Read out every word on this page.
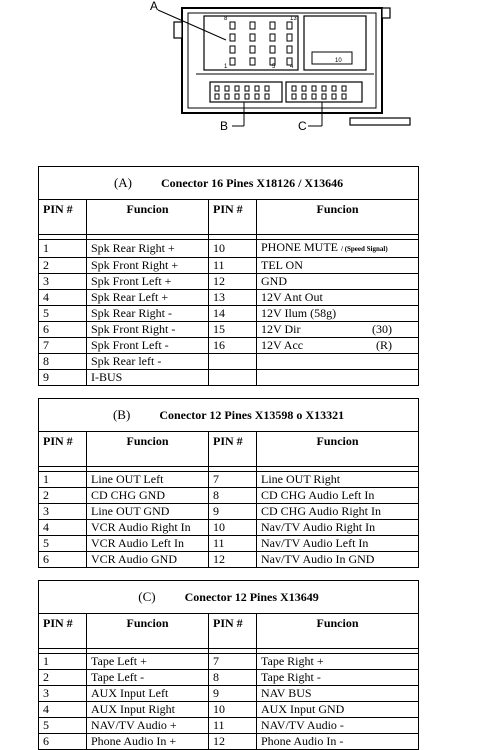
8	13
10
1	4
5
A
B	C
(A) Conector 16 Pines X18126 / X13646			
PIN #	Funcion	PIN #	Funcion

1	Spk Rear Right +	10	PHONE MUTE / (Speed Signal)
2	Spk Front Right +	11	TEL ON
3	Spk Front Left +	12	GND
4	Spk Rear Left +	13	12V Ant Out
5	Spk Rear Right -	14	12V Ilum (58g)
6	Spk Front Right -	15	12V Dir (30)

7	Spk Front Left -	16	12V Acc (R)

8	Spk Rear left -		
9	I-BUS		
(B) Conector 12 Pines X13598 o X13321			
PIN #	Funcion	PIN #	Funcion

1	Line OUT Left	7	Line OUT Right
2	CD CHG GND	8	CD CHG Audio Left In
3	Line OUT GND	9	CD CHG Audio Right In
4	VCR Audio Right In	10	Nav/TV Audio Right In
5	VCR Audio Left In	11	Nav/TV Audio Left In
6	VCR Audio GND	12	Nav/TV Audio In GND
(C) Conector 12 Pines X13649			
PIN #	Funcion	PIN #	Funcion

1	Tape Left +	7	Tape Right +
2	Tape Left -	8	Tape Right -
3	AUX Input Left	9	NAV BUS
4	AUX Input Right	10	AUX Input GND
5	NAV/TV Audio +	11	NAV/TV Audio -
6	Phone Audio In +	12	Phone Audio In -
